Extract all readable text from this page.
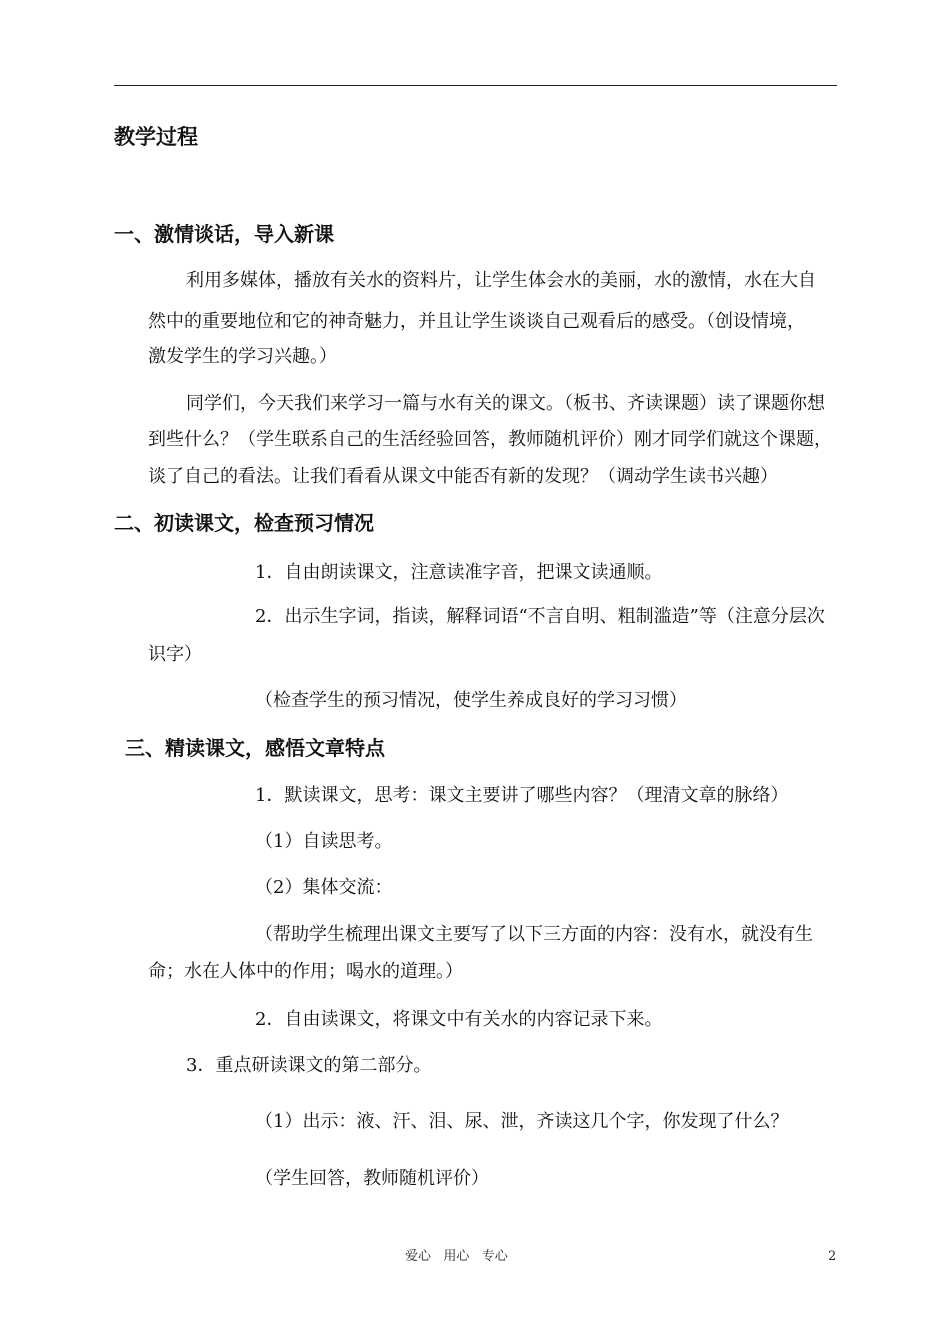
教学过程
一、激情谈话，导入新课
利用多媒体，播放有关水的资料片，让学生体会水的美丽，水的激情，水在大自
然中的重要地位和它的神奇魅力，并且让学生谈谈自己观看后的感受。（创设情境，
激发学生的学习兴趣。）
同学们，今天我们来学习一篇与水有关的课文。（板书、齐读课题）读了课题你想
到些什么？（学生联系自己的生活经验回答，教师随机评价）刚才同学们就这个课题，
谈了自己的看法。让我们看看从课文中能否有新的发现？（调动学生读书兴趣）
二、初读课文，检查预习情况
1．自由朗读课文，注意读准字音，把课文读通顺。
2．出示生字词，指读，解释词语“不言自明、粗制滥造”等（注意分层次
识字）
（检查学生的预习情况，使学生养成良好的学习习惯）
三、精读课文，感悟文章特点
1．默读课文，思考：课文主要讲了哪些内容？（理清文章的脉络）
（1）自读思考。
（2）集体交流：
（帮助学生梳理出课文主要写了以下三方面的内容：没有水，就没有生
命；水在人体中的作用；喝水的道理。）
2．自由读课文，将课文中有关水的内容记录下来。
3．重点研读课文的第二部分。
（1）出示：液、汗、泪、尿、泄，齐读这几个字，你发现了什么？
（学生回答，教师随机评价）
爱心   用心   专心	2
